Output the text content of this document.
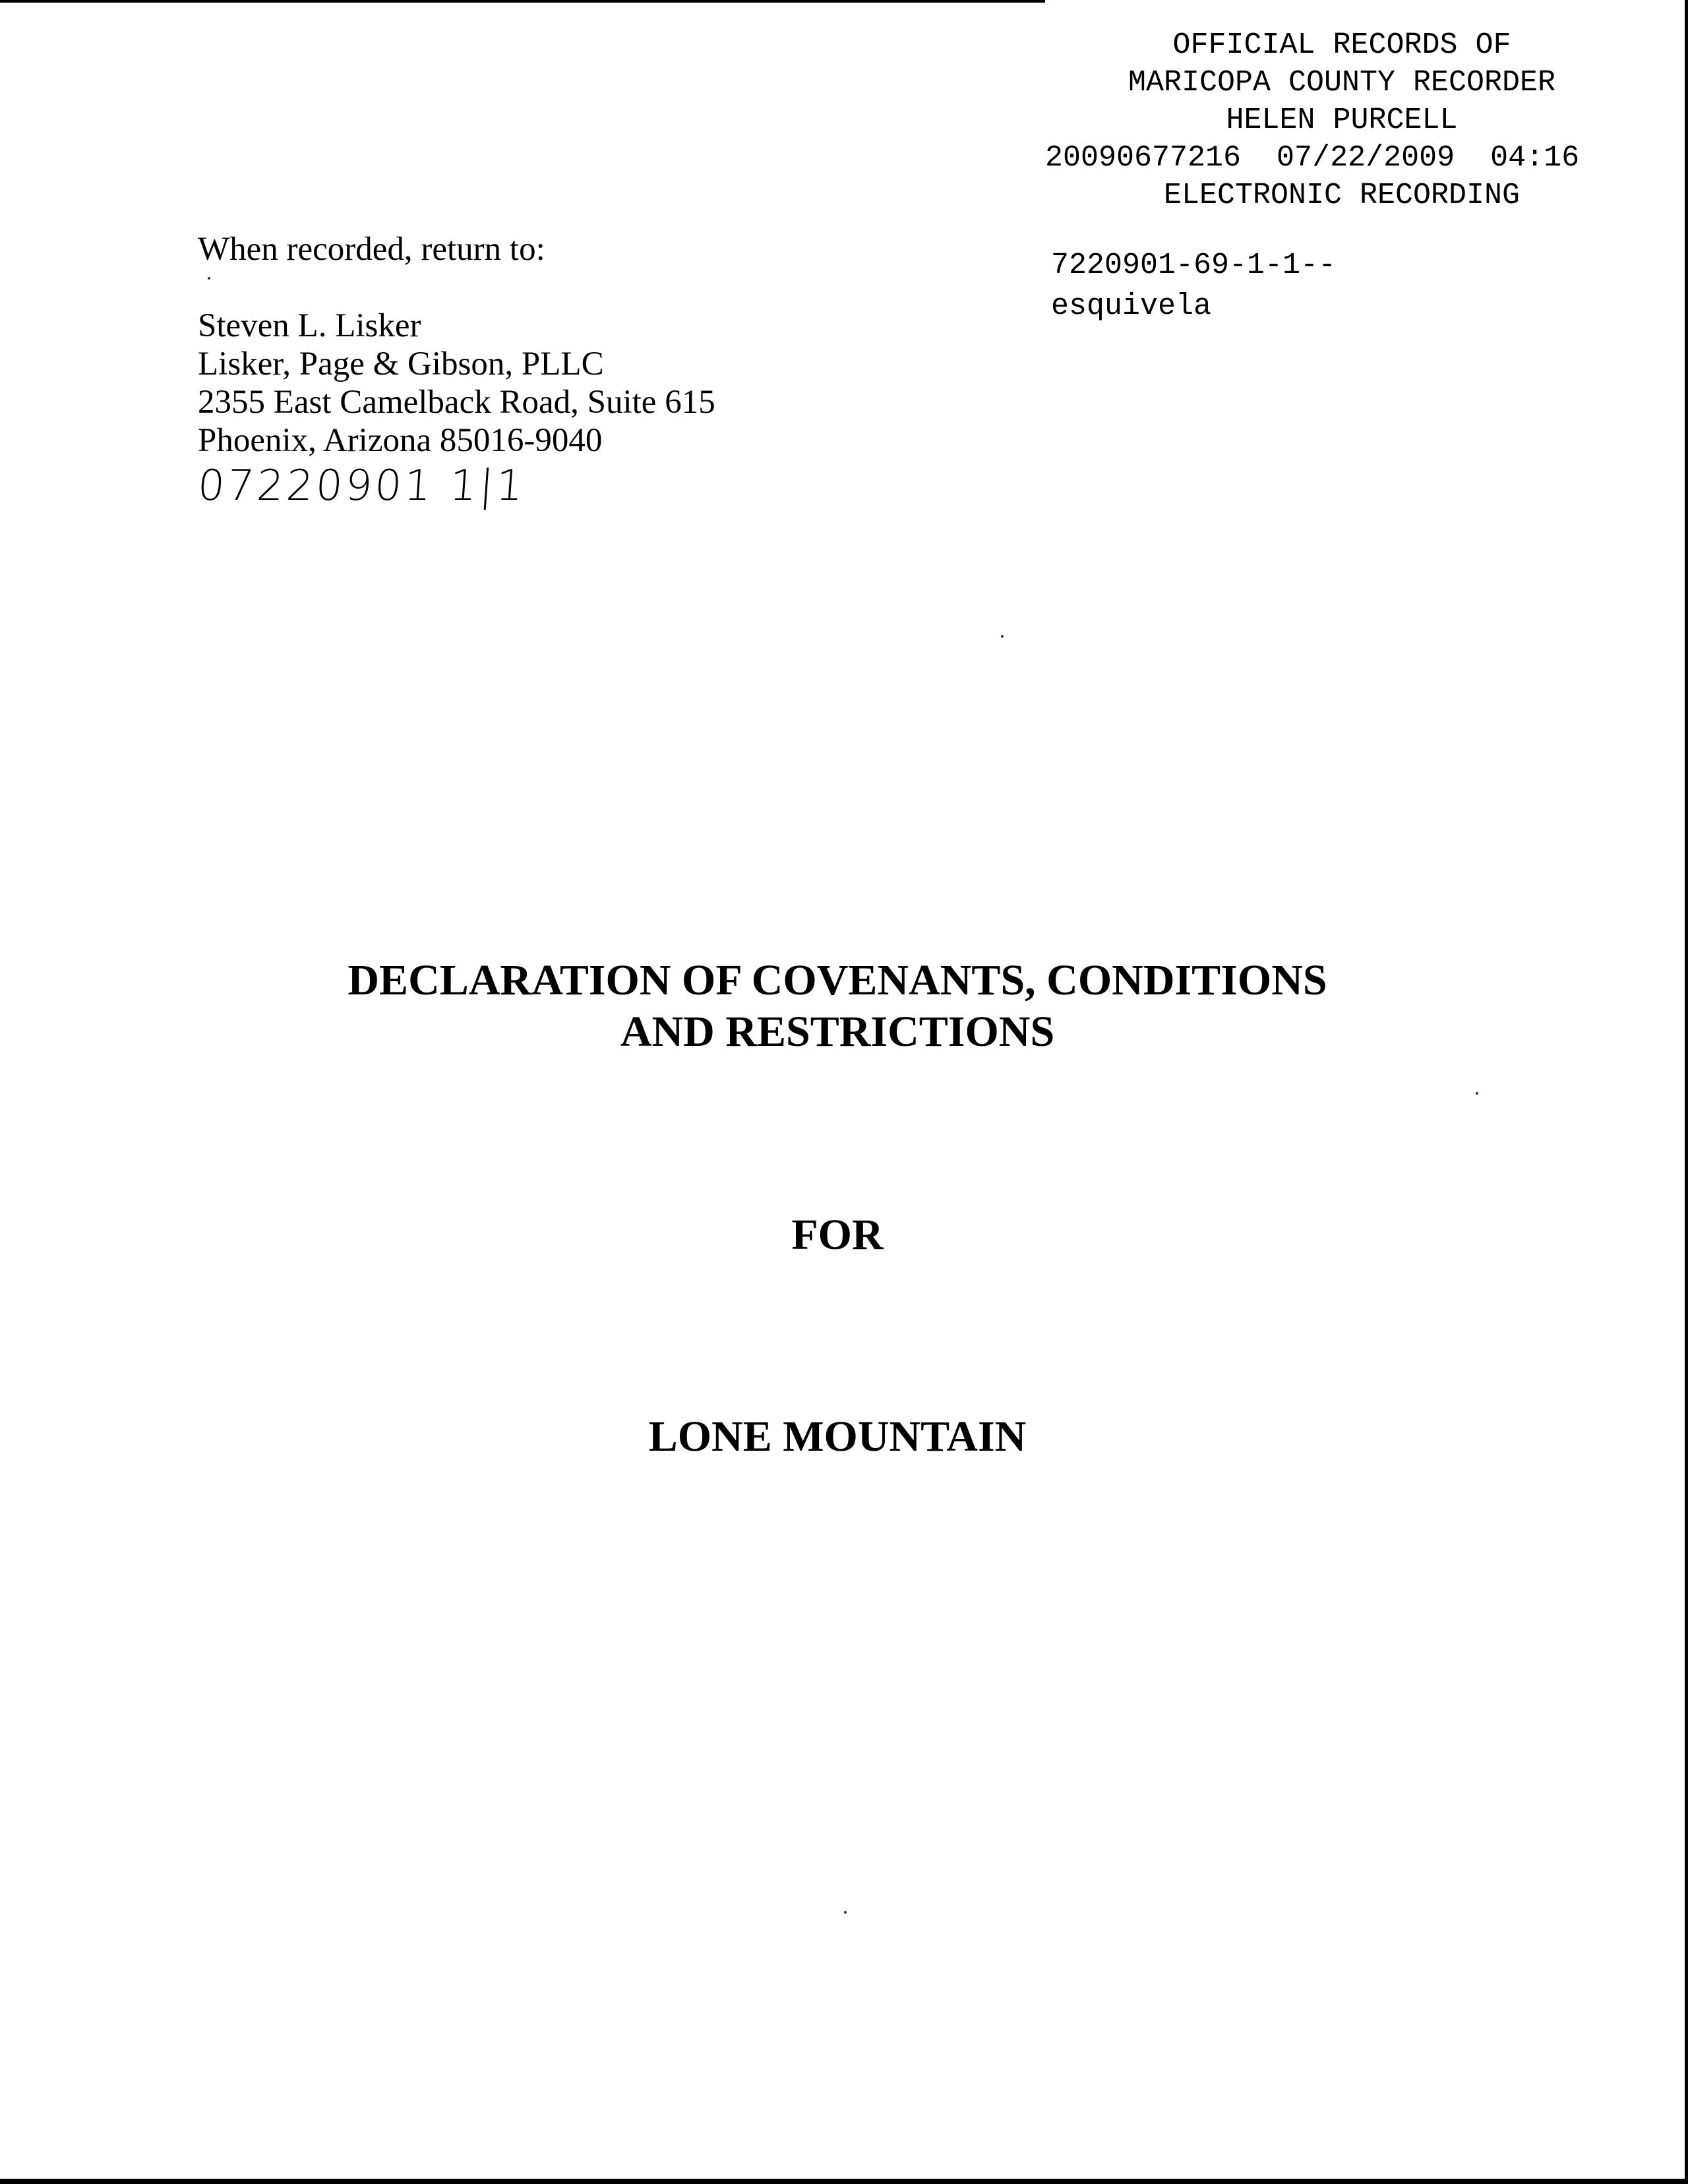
OFFICIAL RECORDS OF
MARICOPA COUNTY RECORDER
HELEN PURCELL
20090677216  07/22/2009  04:16
ELECTRONIC RECORDING
7220901-69-1-1--
esquivela
When recorded, return to:
Steven L. Lisker
Lisker, Page & Gibson, PLLC
2355 East Camelback Road, Suite 615
Phoenix, Arizona 85016-9040
07220901 1|1
DECLARATION OF COVENANTS, CONDITIONS
AND RESTRICTIONS
FOR
LONE MOUNTAIN
